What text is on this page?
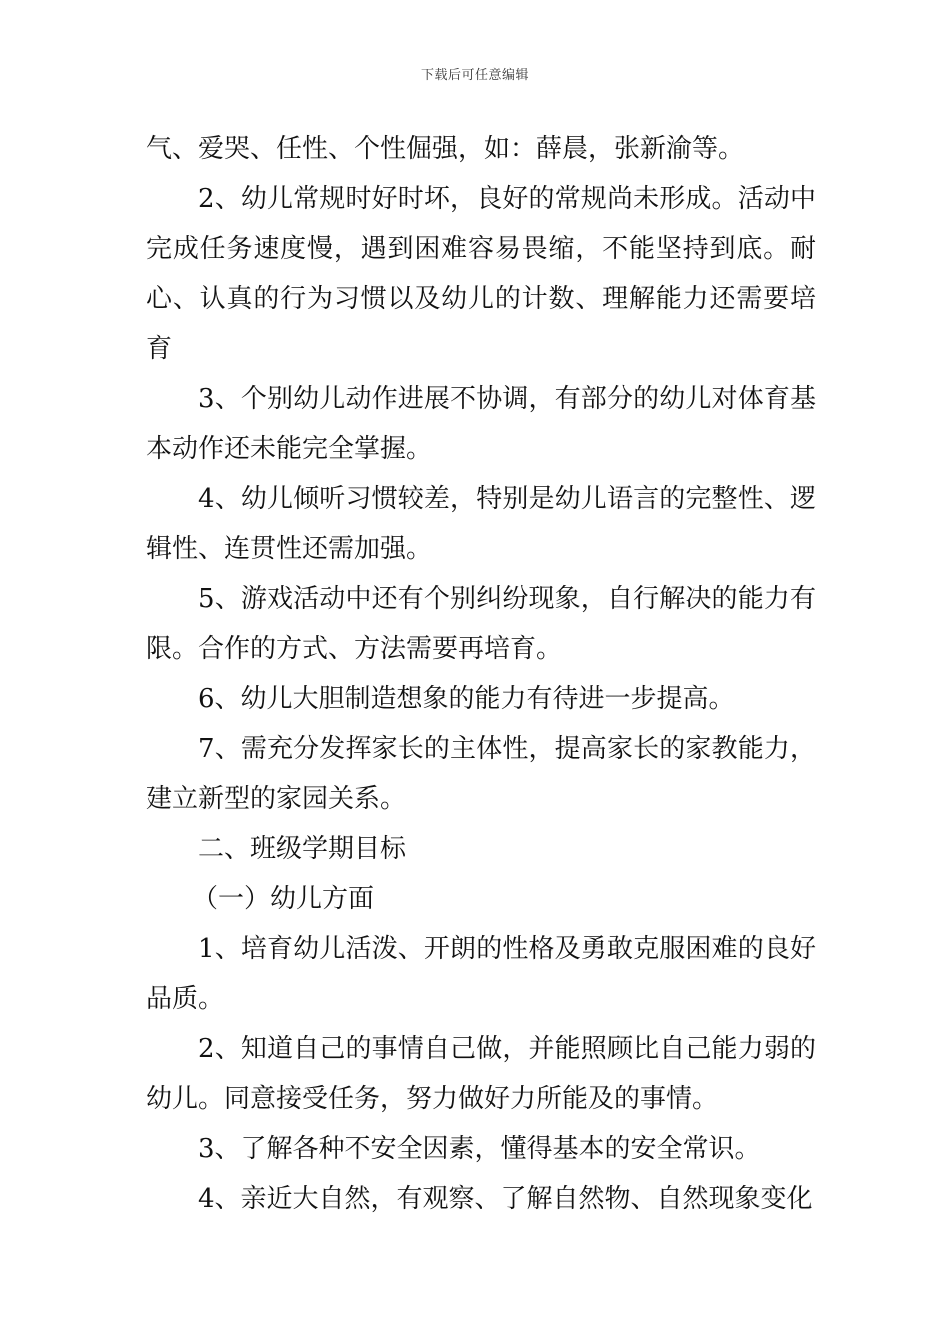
下载后可任意编辑

气、爱哭、任性、个性倔强，如：薛晨，张新渝等。

2、幼儿常规时好时坏，良好的常规尚未形成。活动中完成任务速度慢，遇到困难容易畏缩，不能坚持到底。耐心、认真的行为习惯以及幼儿的计数、理解能力还需要培育

3、个别幼儿动作进展不协调，有部分的幼儿对体育基本动作还未能完全掌握。

4、幼儿倾听习惯较差，特别是幼儿语言的完整性、逻辑性、连贯性还需加强。

5、游戏活动中还有个别纠纷现象，自行解决的能力有限。合作的方式、方法需要再培育。

6、幼儿大胆制造想象的能力有待进一步提高。

7、需充分发挥家长的主体性，提高家长的家教能力，建立新型的家园关系。

二、班级学期目标

（一）幼儿方面

1、培育幼儿活泼、开朗的性格及勇敢克服困难的良好品质。

2、知道自己的事情自己做，并能照顾比自己能力弱的幼儿。同意接受任务，努力做好力所能及的事情。

3、了解各种不安全因素，懂得基本的安全常识。

4、亲近大自然，有观察、了解自然物、自然现象变化
